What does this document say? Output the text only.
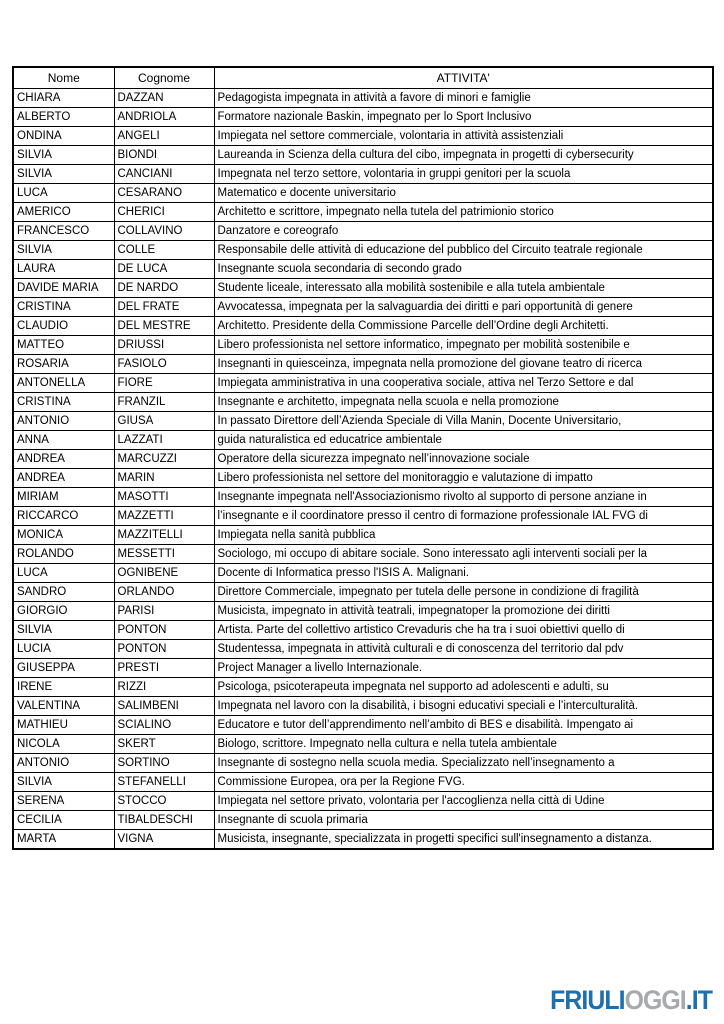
Nome	Cognome	ATTIVITA'
CHIARA	DAZZAN	Pedagogista impegnata in attività a favore di minori e famiglie
ALBERTO	ANDRIOLA	Formatore nazionale Baskin, impegnato per lo Sport Inclusivo
ONDINA	ANGELI	Impiegata nel settore commerciale, volontaria in attività assistenziali
SILVIA	BIONDI	Laureanda in Scienza della cultura del cibo, impegnata in progetti di cybersecurity
SILVIA	CANCIANI	Impegnata nel terzo settore, volontaria in gruppi genitori per la scuola
LUCA	CESARANO	Matematico e docente universitario
AMERICO	CHERICI	Architetto e scrittore, impegnato nella tutela del patrimionio storico
FRANCESCO	COLLAVINO	Danzatore e coreografo
SILVIA	COLLE	Responsabile delle attività di educazione del pubblico del Circuito teatrale regionale
LAURA	DE LUCA	Insegnante scuola secondaria di secondo grado
DAVIDE MARIA	DE NARDO	Studente liceale, interessato alla mobilità sostenibile e alla tutela ambientale
CRISTINA	DEL FRATE	Avvocatessa, impegnata per la salvaguardia dei diritti e pari opportunità di genere
CLAUDIO	DEL MESTRE	Architetto. Presidente della Commissione Parcelle dell’Ordine degli Architetti.
MATTEO	DRIUSSI	Libero professionista nel settore informatico, impegnato per mobilità sostenibile e
ROSARIA	FASIOLO	Insegnanti in quiesceinza, impegnata nella promozione del giovane teatro di ricerca
ANTONELLA	FIORE	Impiegata amministrativa in una cooperativa sociale, attiva nel Terzo Settore e dal
CRISTINA	FRANZIL	Insegnante e architetto, impegnata nella scuola e nella promozione
ANTONIO	GIUSA	In passato Direttore dell’Azienda Speciale di Villa Manin, Docente Universitario,
ANNA	LAZZATI	guida naturalistica ed educatrice ambientale
ANDREA	MARCUZZI	Operatore della sicurezza impegnato nell’innovazione sociale
ANDREA	MARIN	Libero professionista nel settore del monitoraggio e valutazione di impatto
MIRIAM	MASOTTI	Insegnante impegnata nell'Associazionismo rivolto al supporto di persone anziane in
RICCARCO	MAZZETTI	l’insegnante e il coordinatore presso il centro di formazione professionale IAL FVG di
MONICA	MAZZITELLI	Impiegata nella sanità pubblica
ROLANDO	MESSETTI	Sociologo, mi occupo di abitare sociale. Sono interessato agli interventi sociali per la
LUCA	OGNIBENE	Docente di Informatica presso l'ISIS A. Malignani.
SANDRO	ORLANDO	Direttore Commerciale, impegnato per tutela delle persone in condizione di fragilità
GIORGIO	PARISI	Musicista, impegnato in attività teatrali, impegnatoper la promozione dei diritti
SILVIA	PONTON	Artista. Parte del collettivo artistico Crevaduris che ha tra i suoi obiettivi quello di
LUCIA	PONTON	Studentessa, impegnata in attività culturali e di conoscenza del territorio dal pdv
GIUSEPPA	PRESTI	Project Manager a livello Internazionale.
IRENE	RIZZI	Psicologa, psicoterapeuta impegnata nel supporto ad adolescenti e adulti, su
VALENTINA	SALIMBENI	Impegnata nel lavoro con la disabilità, i bisogni educativi speciali e l’interculturalità.
MATHIEU	SCIALINO	Educatore e tutor dell’apprendimento nell’ambito di BES e disabilità. Impengato ai
NICOLA	SKERT	Biologo, scrittore. Impegnato nella cultura e nella tutela ambientale
ANTONIO	SORTINO	Insegnante di sostegno nella scuola media. Specializzato nell’insegnamento a
SILVIA	STEFANELLI	Commissione Europea, ora per la Regione FVG.
SERENA	STOCCO	Impiegata nel settore privato, volontaria per l'accoglienza nella città di Udine
CECILIA	TIBALDESCHI	Insegnante di scuola primaria
MARTA	VIGNA	Musicista, insegnante, specializzata in progetti specifici sull'insegnamento a distanza.
FRIULIOGGI.IT
